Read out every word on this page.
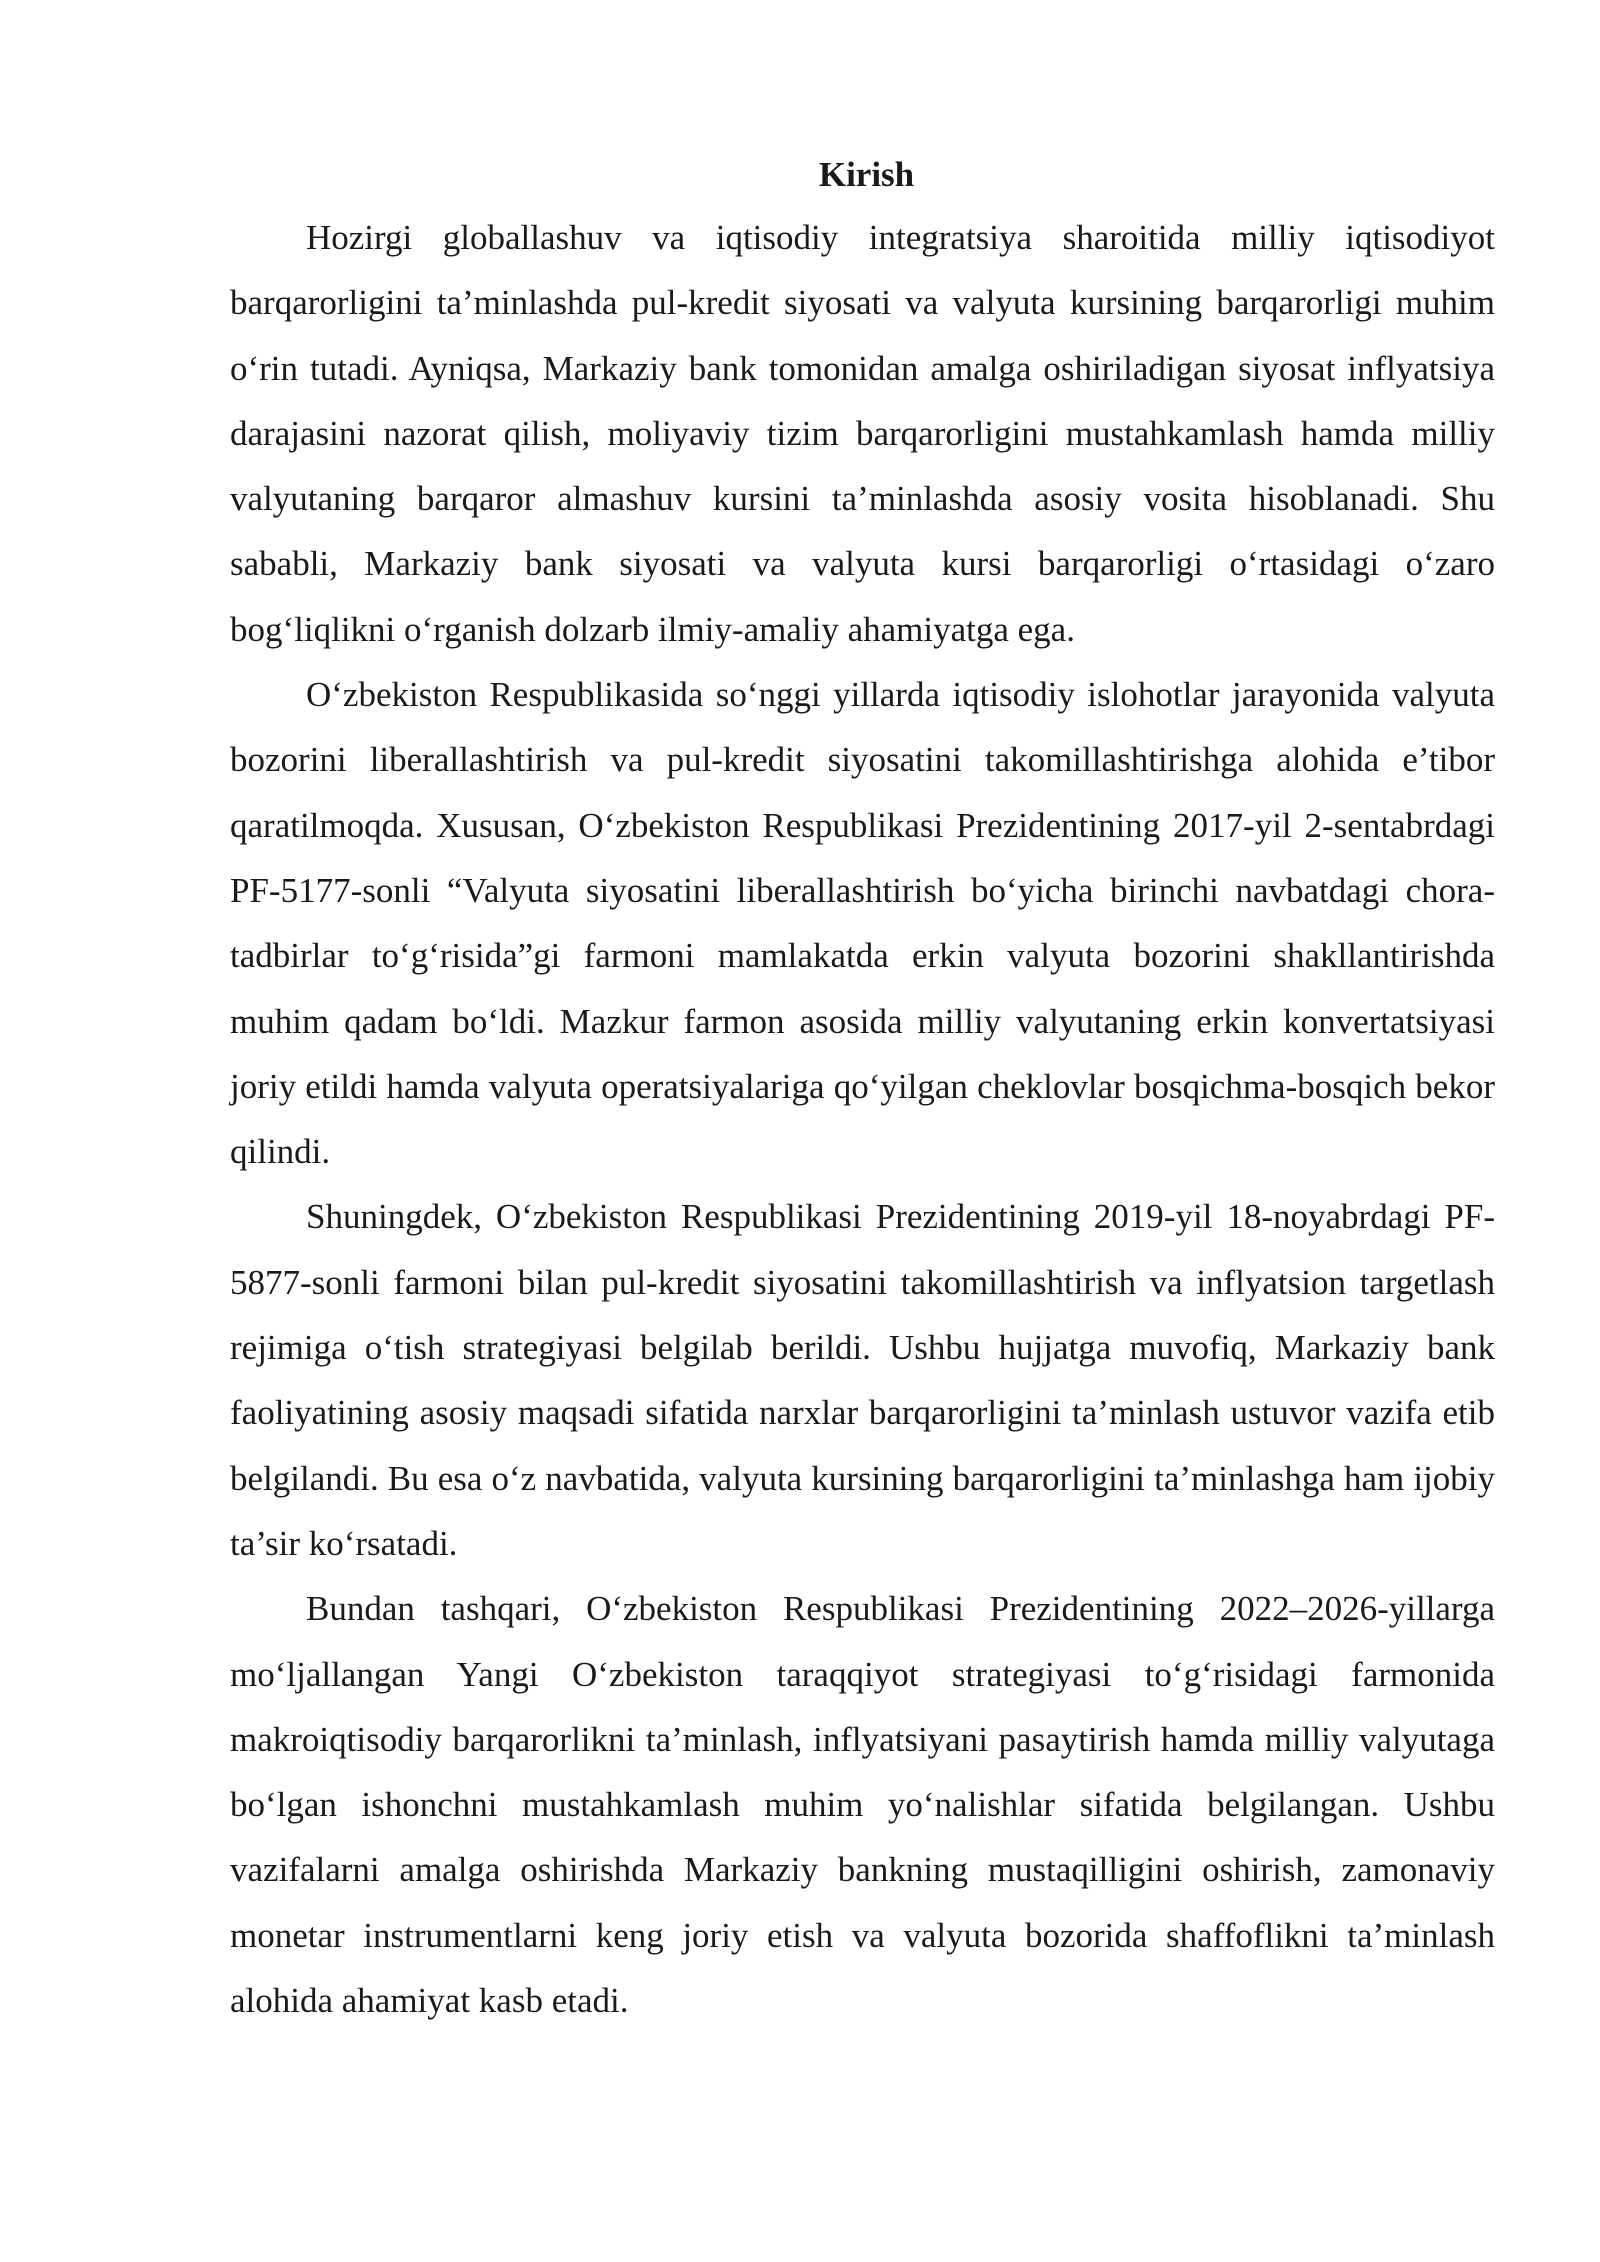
Kirish

Hozirgi globallashuv va iqtisodiy integratsiya sharoitida milliy iqtisodiyot barqarorligini ta’minlashda pul-kredit siyosati va valyuta kursining barqarorligi muhim o‘rin tutadi. Ayniqsa, Markaziy bank tomonidan amalga oshiriladigan siyosat inflyatsiya darajasini nazorat qilish, moliyaviy tizim barqarorligini mustahkamlash hamda milliy valyutaning barqaror almashuv kursini ta’minlashda asosiy vosita hisoblanadi. Shu sababli, Markaziy bank siyosati va valyuta kursi barqarorligi o‘rtasidagi o‘zaro bog‘liqlikni o‘rganish dolzarb ilmiy-amaliy ahamiyatga ega.

O‘zbekiston Respublikasida so‘nggi yillarda iqtisodiy islohotlar jarayonida valyuta bozorini liberallashtirish va pul-kredit siyosatini takomillashtirishga alohida e’tibor qaratilmoqda. Xususan, O‘zbekiston Respublikasi Prezidentining 2017-yil 2-sentabrdagi PF-5177-sonli “Valyuta siyosatini liberallashtirish bo‘yicha birinchi navbatdagi chora-tadbirlar to‘g‘risida”gi farmoni mamlakatda erkin valyuta bozorini shakllantirishda muhim qadam bo‘ldi. Mazkur farmon asosida milliy valyutaning erkin konvertatsiyasi joriy etildi hamda valyuta operatsiyalariga qo‘yilgan cheklovlar bosqichma-bosqich bekor qilindi.

Shuningdek, O‘zbekiston Respublikasi Prezidentining 2019-yil 18-noyabrdagi PF-5877-sonli farmoni bilan pul-kredit siyosatini takomillashtirish va inflyatsion targetlash rejimiga o‘tish strategiyasi belgilab berildi. Ushbu hujjatga muvofiq, Markaziy bank faoliyatining asosiy maqsadi sifatida narxlar barqarorligini ta’minlash ustuvor vazifa etib belgilandi. Bu esa o‘z navbatida, valyuta kursining barqarorligini ta’minlashga ham ijobiy ta’sir ko‘rsatadi.

Bundan tashqari, O‘zbekiston Respublikasi Prezidentining 2022–2026-yillarga mo‘ljallangan Yangi O‘zbekiston taraqqiyot strategiyasi to‘g‘risidagi farmonida makroiqtisodiy barqarorlikni ta’minlash, inflyatsiyani pasaytirish hamda milliy valyutaga bo‘lgan ishonchni mustahkamlash muhim yo‘nalishlar sifatida belgilangan. Ushbu vazifalarni amalga oshirishda Markaziy bankning mustaqilligini oshirish, zamonaviy monetar instrumentlarni keng joriy etish va valyuta bozorida shaffoflikni ta’minlash alohida ahamiyat kasb etadi.
